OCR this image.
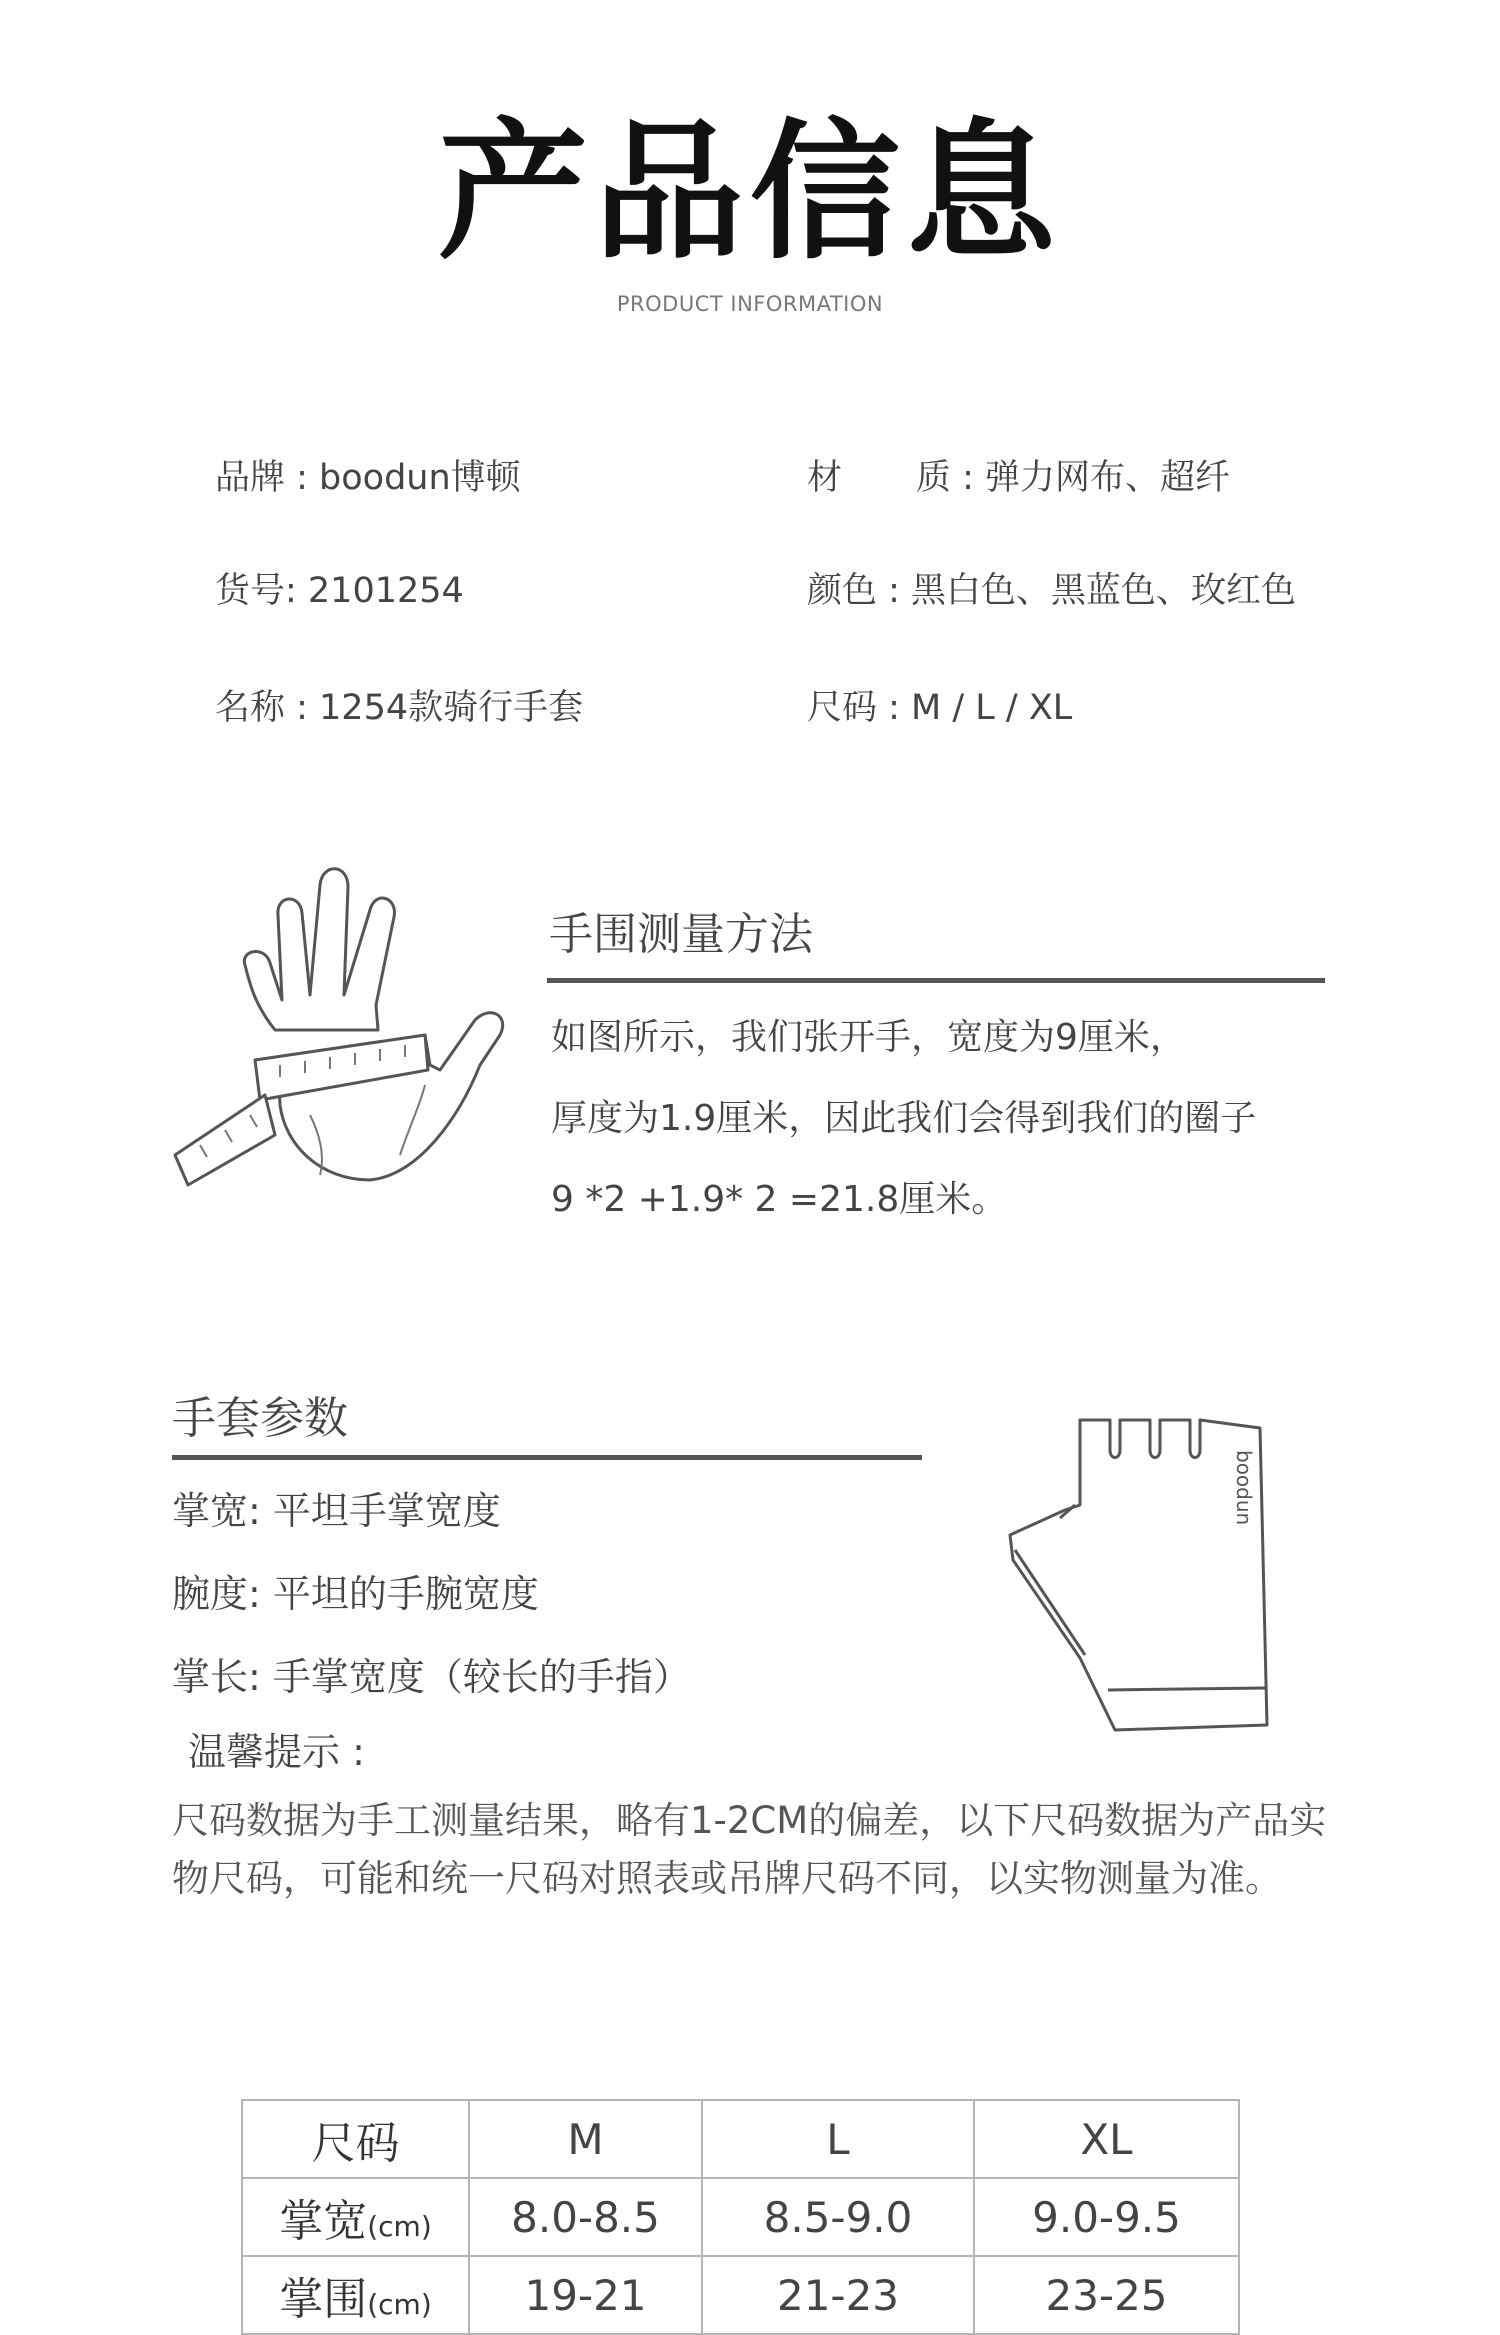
产品信息
PRODUCT INFORMATION
品牌 : boodun博顿	材 质 : 弹力网布、超纤
货号: 2101254	颜色 : 黑白色、黑蓝色、玫红色
名称 : 1254款骑行手套	尺码 : M / L / XL
手围测量方法
如图所示，我们张开手，宽度为9厘米，
厚度为1.9厘米，因此我们会得到我们的圈子
9 *2 +1.9* 2 =21.8厘米。
手套参数
掌宽: 平坦手掌宽度
腕度: 平坦的手腕宽度
掌长: 手掌宽度（较长的手指）
温馨提示 :
尺码数据为手工测量结果，略有1-2CM的偏差，以下尺码数据为产品实物尺码，可能和统一尺码对照表或吊牌尺码不同，以实物测量为准。
boodun
尺码	M	L	XL
掌宽(cm)	8.0-8.5	8.5-9.0	9.0-9.5
掌围(cm)	19-21	21-23	23-25
